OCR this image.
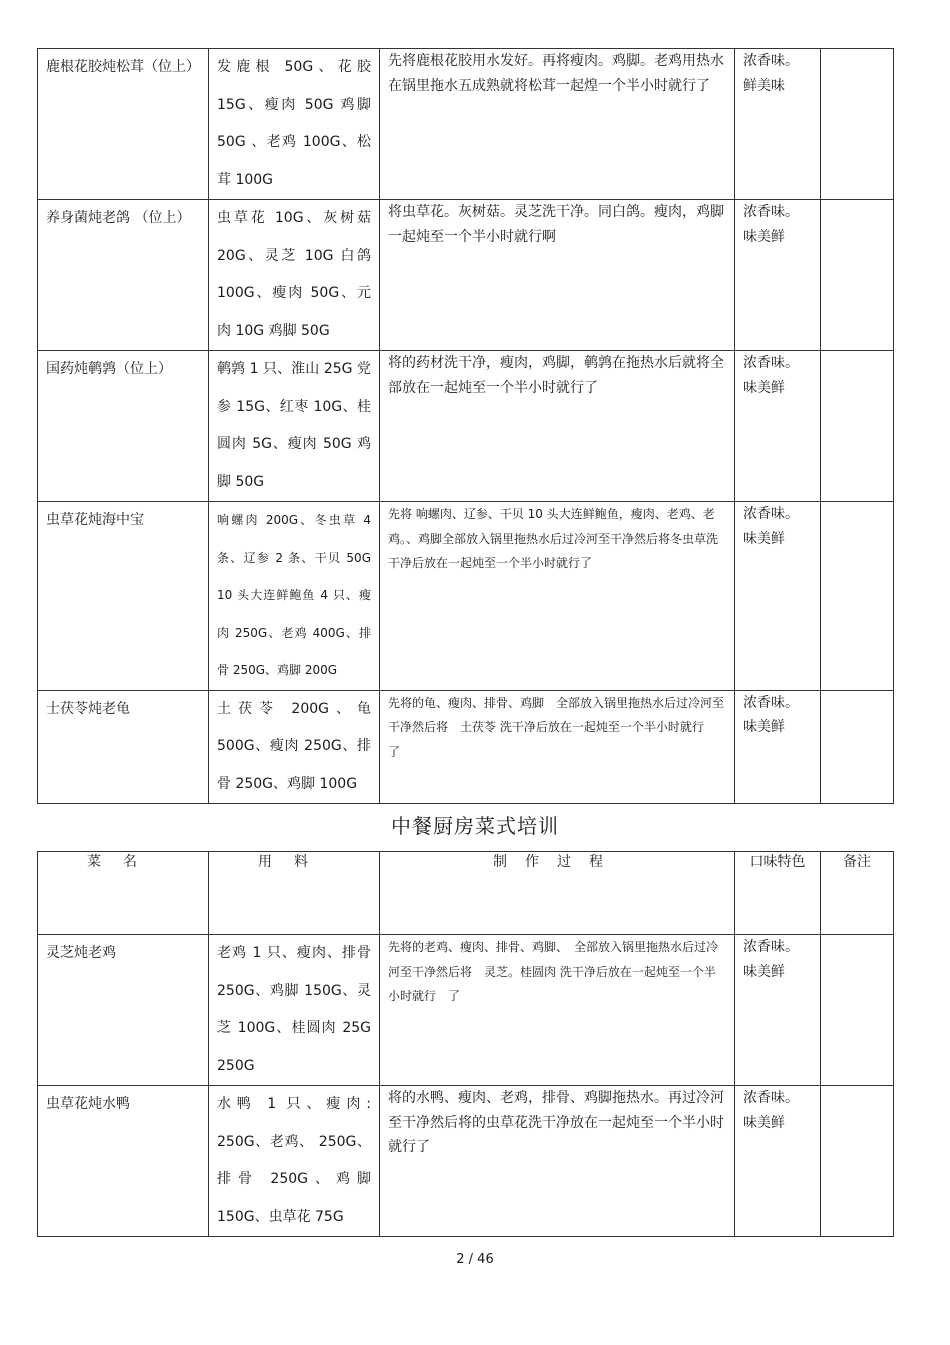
鹿根花胶炖松茸（位上）	发鹿根 50G、花胶 15G、瘦肉 50G 鸡脚 50G 、老鸡 100G、松茸 100G	先将鹿根花胶用水发好。再将瘦肉。鸡脚。老鸡用热水在锅里拖水五成熟就将松茸一起煌一个半小时就行了	浓香味。鲜美味	
养身菌炖老鸽 （位上）	虫草花 10G、灰树菇 20G、灵芝 10G 白鸽 100G、瘦肉 50G、元肉 10G 鸡脚 50G	将虫草花。灰树菇。灵芝洗干净。同白鸽。瘦肉，鸡脚一起炖至一个半小时就行啊	浓香味。味美鲜	
国药炖鹌鹑（位上）	鹌鹑 1 只、淮山 25G 党参 15G、红枣 10G、桂圆肉 5G、瘦肉 50G 鸡脚 50G	将的药材洗干净，瘦肉，鸡脚，鹌鹑在拖热水后就将全部放在一起炖至一个半小时就行了	浓香味。味美鲜	
虫草花炖海中宝	响螺肉 200G、冬虫草 4 条、辽参 2 条、干贝 50G 10 头大连鲜鲍鱼 4 只、瘦肉 250G、老鸡 400G、排骨 250G、鸡脚 200G	先将 响螺肉、辽参、干贝 10 头大连鲜鲍鱼，瘦肉、老鸡、老鸡。、鸡脚全部放入锅里拖热水后过冷河至干净然后将冬虫草洗干净后放在一起炖至一个半小时就行了	浓香味。味美鲜	
士茯苓炖老龟	土茯苓 200G、龟 500G、瘦肉 250G、排骨 250G、鸡脚 100G	先将的龟、瘦肉、排骨、鸡脚　全部放入锅里拖热水后过冷河至干净然后将　土茯苓 洗干净后放在一起炖至一个半小时就行　了	浓香味。味美鲜	
中餐厨房菜式培训
菜名	用料	制作过程	口味特色	备注
灵芝炖老鸡	老鸡 1 只、瘦肉、排骨 250G、鸡脚 150G、灵芝 100G、桂圆肉 25G 250G	先将的老鸡、瘦肉、排骨、鸡脚、　全部放入锅里拖热水后过冷河至干净然后将　灵芝。桂圆肉 洗干净后放在一起炖至一个半小时就行　了	浓香味。味美鲜	
虫草花炖水鸭	水鸭 1 只、瘦肉: 250G、老鸡、 250G、排骨 250G、鸡脚 150G、虫草花 75G	将的水鸭、瘦肉、老鸡，排骨、鸡脚拖热水。再过冷河至干净然后将的虫草花洗干净放在一起炖至一个半小时就行了	浓香味。味美鲜	
2 / 46
